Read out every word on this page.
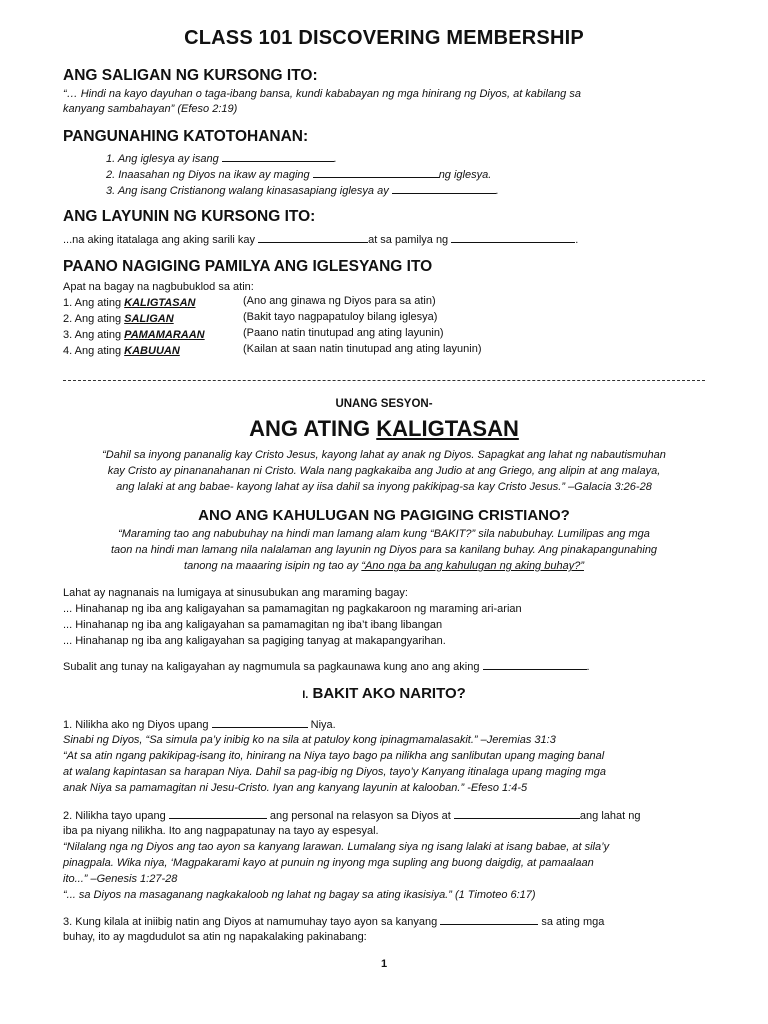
CLASS 101 DISCOVERING MEMBERSHIP
ANG SALIGAN NG KURSONG ITO:
“… Hindi na kayo dayuhan o taga-ibang bansa, kundi kababayan ng mga hinirang ng Diyos, at kabilang sa
kanyang sambahayan” (Efeso 2:19)
PANGUNAHING KATOTOHANAN:
1. Ang iglesya ay isang	.
2. Inaasahan ng Diyos na ikaw ay maging	ng iglesya.
3. Ang isang Cristianong walang kinasasapiang iglesya ay	.
ANG LAYUNIN NG KURSONG ITO:
...na aking itatalaga ang aking sarili kay	at sa pamilya ng	.
PAANO NAGIGING PAMILYA ANG IGLESYANG ITO
Apat na bagay na nagbubuklod sa atin:
1. Ang ating KALIGTASAN	(Ano ang ginawa ng Diyos para sa atin)
2. Ang ating SALIGAN	(Bakit tayo nagpapatuloy bilang iglesya)
3. Ang ating PAMAMARAAN	(Paano natin tinutupad ang ating layunin)
4. Ang ating KABUUAN	(Kailan at saan natin tinutupad ang ating layunin)
UNANG SESYON-
ANG ATING KALIGTASAN
“Dahil sa inyong pananalig kay Cristo Jesus, kayong lahat ay anak ng Diyos. Sapagkat ang lahat ng nabautismuhan
kay Cristo ay pinananahanan ni Cristo. Wala nang pagkakaiba ang Judio at ang Griego, ang alipin at ang malaya,
ang lalaki at ang babae- kayong lahat ay iisa dahil sa inyong pakikipag-sa kay Cristo Jesus.” –Galacia 3:26-28
ANO ANG KAHULUGAN NG PAGIGING CRISTIANO?
“Maraming tao ang nabubuhay na hindi man lamang alam kung “BAKIT?” sila nabubuhay. Lumilipas ang mga
taon na hindi man lamang nila nalalaman ang layunin ng Diyos para sa kanilang buhay. Ang pinakapangunahing
tanong na maaaring isipin ng tao ay “Ano nga ba ang kahulugan ng aking buhay?”
Lahat ay nagnanais na lumigaya at sinusubukan ang maraming bagay:
... Hinahanap ng iba ang kaligayahan sa pamamagitan ng pagkakaroon ng maraming ari-arian
... Hinahanap ng iba ang kaligayahan sa pamamagitan ng iba’t ibang libangan
... Hinahanap ng iba ang kaligayahan sa pagiging tanyag at makapangyarihan.
Subalit ang tunay na kaligayahan ay nagmumula sa pagkaunawa kung ano ang aking	.
I. BAKIT AKO NARITO?
1. Nilikha ako ng Diyos upang	Niya.
Sinabi ng Diyos, “Sa simula pa’y inibig ko na sila at patuloy kong ipinagmamalasakit.” –Jeremias 31:3
“At sa atin ngang pakikipag-isang ito, hinirang na Niya tayo bago pa nilikha ang sanlibutan upang maging banal
at walang kapintasan sa harapan Niya. Dahil sa pag-ibig ng Diyos, tayo’y Kanyang itinalaga upang maging mga
anak Niya sa pamamagitan ni Jesu-Cristo. Iyan ang kanyang layunin at kalooban.” -Efeso 1:4-5
2. Nilikha tayo upang	ang personal na relasyon sa Diyos at	ang lahat ng
iba pa niyang nilikha. Ito ang nagpapatunay na tayo ay espesyal.
“Nilalang nga ng Diyos ang tao ayon sa kanyang larawan. Lumalang siya ng isang lalaki at isang babae, at sila’y
pinagpala. Wika niya, ‘Magpakarami kayo at punuin ng inyong mga supling ang buong daigdig, at pamaalaan
ito...” –Genesis 1:27-28
“... sa Diyos na masaganang nagkakaloob ng lahat ng bagay sa ating ikasisiya.” (1 Timoteo 6:17)
3. Kung kilala at iniibig natin ang Diyos at namumuhay tayo ayon sa kanyang	sa ating mga
buhay, ito ay magdudulot sa atin ng napakalaking pakinabang:
1
